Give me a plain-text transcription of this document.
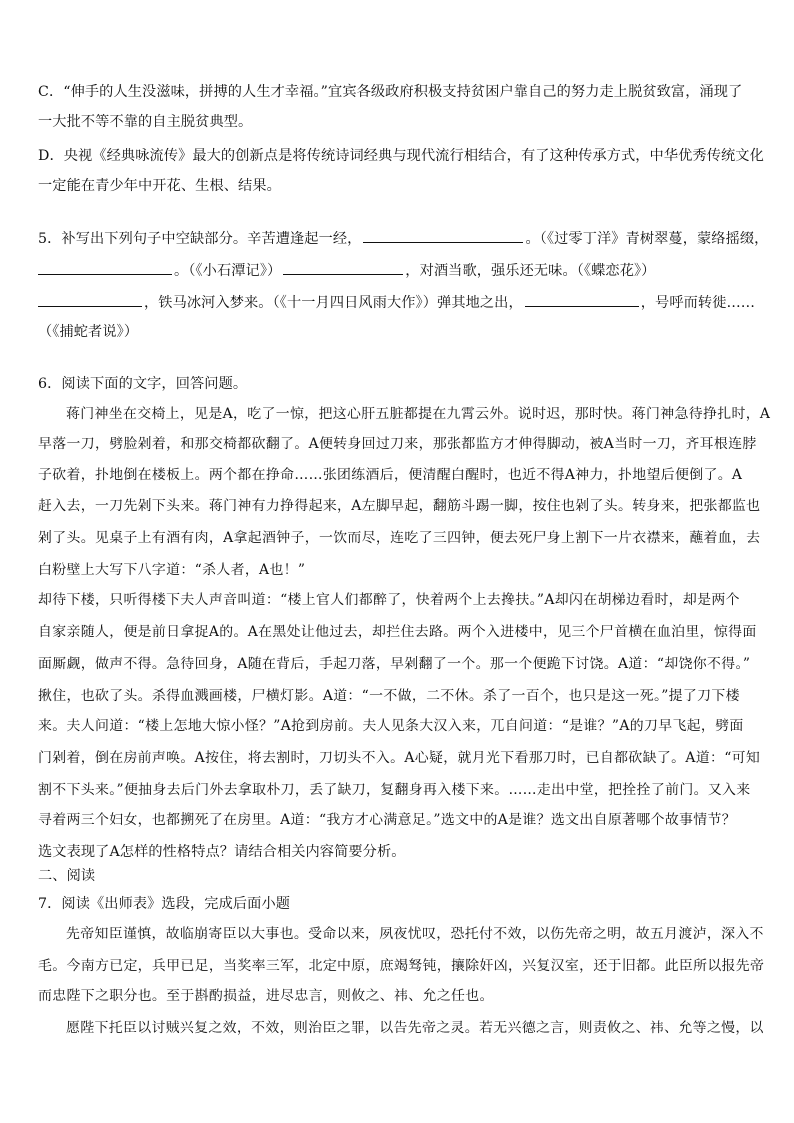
C．“伸手的人生没滋味，拼搏的人生才幸福。”宜宾各级政府积极支持贫困户靠自己的努力走上脱贫致富，涌现了
一大批不等不靠的自主脱贫典型。
D．央视《经典咏流传》最大的创新点是将传统诗词经典与现代流行相结合，有了这种传承方式，中华优秀传统文化
一定能在青少年中开花、生根、结果。
5．补写出下列句子中空缺部分。辛苦遭逢起一经，	。（《过零丁洋》青树翠蔓，蒙络摇缀，
。（《小石潭记》）	，对酒当歌，强乐还无味。（《蝶恋花》）
，铁马冰河入梦来。（《十一月四日风雨大作》）弹其地之出，	，号呼而转徙……
（《捕蛇者说》）
6．阅读下面的文字，回答问题。
蒋门神坐在交椅上，见是A，吃了一惊，把这心肝五脏都提在九霄云外。说时迟，那时快。蒋门神急待挣扎时，A
早落一刀，劈脸剁着，和那交椅都砍翻了。A便转身回过刀来，那张都监方才伸得脚动，被A当时一刀，齐耳根连脖
子砍着，扑地倒在楼板上。两个都在挣命……张团练酒后，便清醒白醒时，也近不得A神力，扑地望后便倒了。A
赶入去，一刀先剁下头来。蒋门神有力挣得起来，A左脚早起，翻筋斗踢一脚，按住也剁了头。转身来，把张都监也
剁了头。见桌子上有酒有肉，A拿起酒钟子，一饮而尽，连吃了三四钟，便去死尸身上割下一片衣襟来，蘸着血，去
白粉壁上大写下八字道：“杀人者，A也！”
却待下楼，只听得楼下夫人声音叫道：“楼上官人们都醉了，快着两个上去搀扶。”A却闪在胡梯边看时，却是两个
自家亲随人，便是前日拿捉A的。A在黑处让他过去，却拦住去路。两个入进楼中，见三个尸首横在血泊里，惊得面
面厮觑，做声不得。急待回身，A随在背后，手起刀落，早剁翻了一个。那一个便跪下讨饶。A道：“却饶你不得。”
揪住，也砍了头。杀得血溅画楼，尸横灯影。A道：“一不做，二不休。杀了一百个，也只是这一死。”提了刀下楼
来。夫人问道：“楼上怎地大惊小怪？”A抢到房前。夫人见条大汉入来，兀自问道：“是谁？”A的刀早飞起，劈面
门剁着，倒在房前声唤。A按住，将去割时，刀切头不入。A心疑，就月光下看那刀时，已自都砍缺了。A道：“可知
割不下头来。”便抽身去后门外去拿取朴刀，丢了缺刀，复翻身再入楼下来。……走出中堂，把拴拴了前门。又入来
寻着两三个妇女，也都搠死了在房里。A道：“我方才心满意足。”选文中的A是谁？选文出自原著哪个故事情节？
选文表现了A怎样的性格特点？请结合相关内容简要分析。
二、阅读
7．阅读《出师表》选段，完成后面小题
先帝知臣谨慎，故临崩寄臣以大事也。受命以来，夙夜忧叹，恐托付不效，以伤先帝之明，故五月渡泸，深入不
毛。今南方已定，兵甲已足，当奖率三军，北定中原，庶竭驽钝，攘除奸凶，兴复汉室，还于旧都。此臣所以报先帝
而忠陛下之职分也。至于斟酌损益，进尽忠言，则攸之、祎、允之任也。
愿陛下托臣以讨贼兴复之效，不效，则治臣之罪，以告先帝之灵。若无兴德之言，则责攸之、祎、允等之慢，以
